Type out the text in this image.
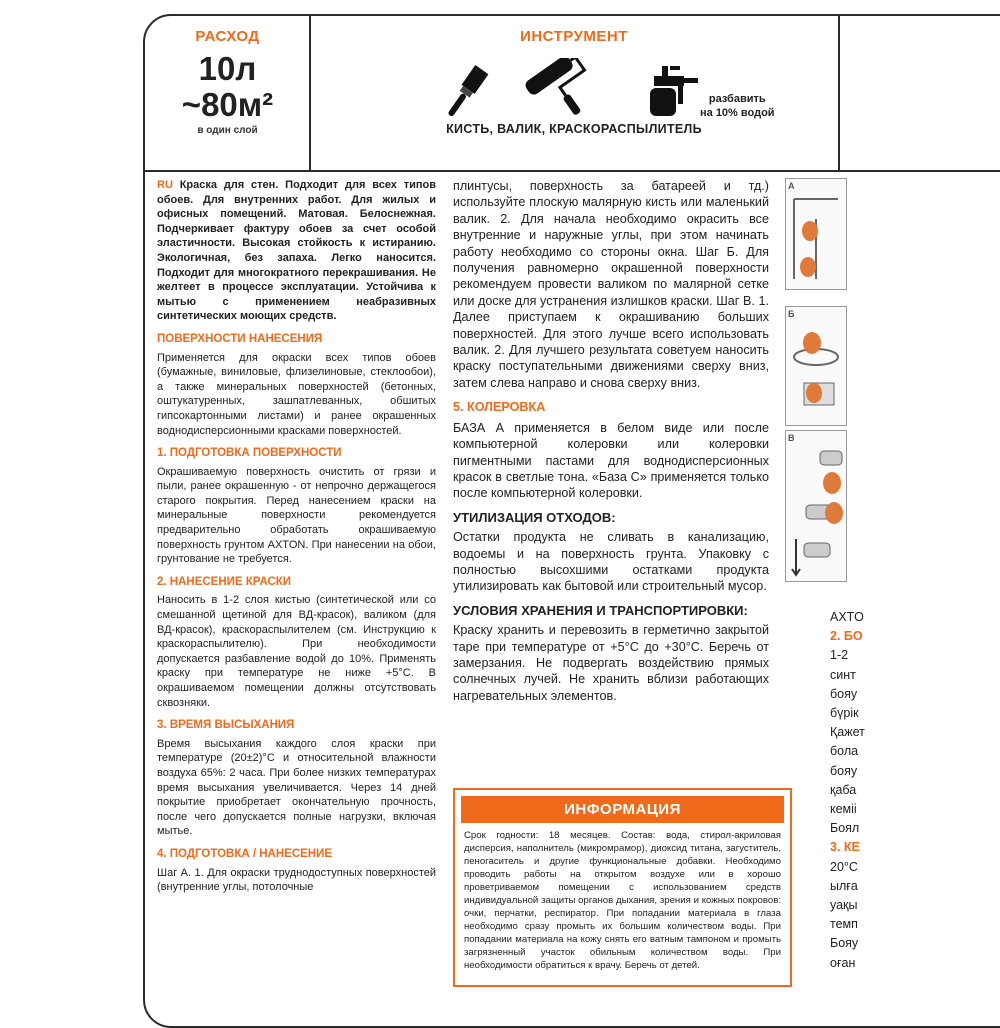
РАСХОД
10л
~80м²
в один слой
ИНСТРУМЕНТ
разбавить
на 10% водой
КИСТЬ, ВАЛИК, КРАСКОРАСПЫЛИТЕЛЬ

RU Краска для стен. Подходит для всех типов обоев. Для внутренних работ. Для жилых и офисных помещений. Матовая. Белоснежная. Подчеркивает фактуру обоев за счет особой эластичности. Высокая стойкость к истиранию. Экологичная, без запаха. Легко наносится. Подходит для многократного перекрашивания. Не желтеет в процессе эксплуатации. Устойчива к мытью с применением неабразивных синтетических моющих средств.

ПОВЕРХНОСТИ НАНЕСЕНИЯ

Применяется для окраски всех типов обоев (бумажные, виниловые, флизелиновые, стеклообои), а также минеральных поверхностей (бетонных, оштукатуренных, зашпатлеванных, обшитых гипсокартонными листами) и ранее окрашенных воднодисперсионными красками поверхностей.

1. ПОДГОТОВКА ПОВЕРХНОСТИ

Окрашиваемую поверхность очистить от грязи и пыли, ранее окрашенную - от непрочно держащегося старого покрытия. Перед нанесением краски на минеральные поверхности рекомендуется предварительно обработать окрашиваемую поверхность грунтом AXTON. При нанесении на обои, грунтование не требуется.

2. НАНЕСЕНИЕ КРАСКИ

Наносить в 1-2 слоя кистью (синтетической или со смешанной щетиной для ВД-красок), валиком (для ВД-красок), краскораспылителем (см. Инструкцию к краскораспылителю). При необходимости допускается разбавление водой до 10%. Применять краску при температуре не ниже +5°С. В окрашиваемом помещении должны отсутствовать сквозняки.

3. ВРЕМЯ ВЫСЫХАНИЯ

Время высыхания каждого слоя краски при температуре (20±2)°С и относительной влажности воздуха 65%: 2 часа. При более низких температурах время высыхания увеличивается. Через 14 дней покрытие приобретает окончательную прочность, после чего допускается полные нагрузки, включая мытье.

4. ПОДГОТОВКА / НАНЕСЕНИЕ

Шаг А. 1. Для окраски труднодоступных поверхностей (внутренние углы, потолочные

плинтусы, поверхность за батареей и тд.) используйте плоскую малярную кисть или маленький валик. 2. Для начала необходимо окрасить все внутренние и наружные углы, при этом начинать работу необходимо со стороны окна. Шаг Б. Для получения равномерно окрашенной поверхности рекомендуем провести валиком по малярной сетке или доске для устранения излишков краски. Шаг В. 1. Далее приступаем к окрашиванию больших поверхностей. Для этого лучше всего использовать валик. 2. Для лучшего результата советуем наносить краску поступательными движениями сверху вниз, затем слева направо и снова сверху вниз.

5. КОЛЕРОВКА

БАЗА А применяется в белом виде или после компьютерной колеровки или колеровки пигментными пастами для воднодисперсионных красок в светлые тона. «База С» применяется только после компьютерной колеровки.

УТИЛИЗАЦИЯ ОТХОДОВ:

Остатки продукта не сливать в канализацию, водоемы и на поверхность грунта. Упаковку с полностью высохшими остатками продукта утилизировать как бытовой или строительный мусор.

УСЛОВИЯ ХРАНЕНИЯ И ТРАНСПОРТИРОВКИ:

Краску хранить и перевозить в герметично закрытой таре при температуре от +5°С до +30°С. Беречь от замерзания. Не подвергать воздействию прямых солнечных лучей. Не хранить вблизи работающих нагревательных элементов.

ИНФОРМАЦИЯ
Срок годности: 18 месяцев. Состав: вода, стирол-акриловая дисперсия, наполнитель (микромрамор), диоксид титана, загуститель, пеногаситель и другие функциональные добавки. Необходимо проводить работы на открытом воздухе или в хорошо проветриваемом помещении с использованием средств индивидуальной защиты органов дыхания, зрения и кожных покровов: очки, перчатки, респиратор. При попадании материала в глаза необходимо сразу промыть их большим количеством воды. При попадании материала на кожу снять его ватным тампоном и промыть загрязненный участок обильным количеством воды. При необходимости обратиться к врачу. Беречь от детей.
А
Б
В
AXTO
2. БО
1-2
синт
бояу
бүрік
Қажет
бола
бояу
қаба
кеміі
Боял
3. КЕ
20°С
ылға
уақы
темп
Бояу
оған
